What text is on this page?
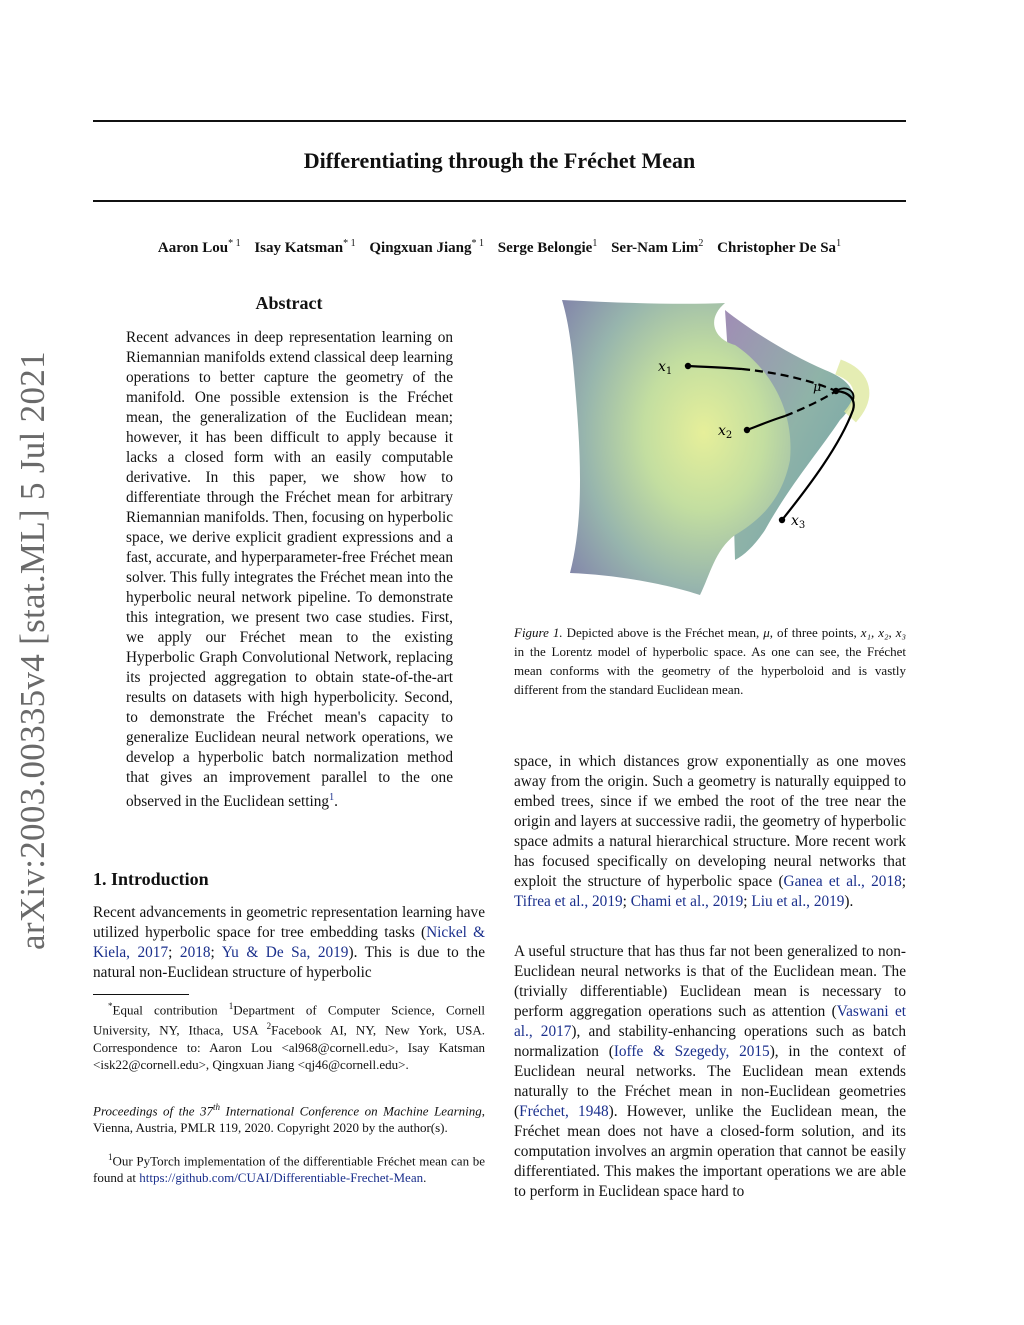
Differentiating through the Fréchet Mean
Aaron Lou$^{* 1}$ Isay Katsman$^{* 1}$ Qingxuan Jiang$^{* 1}$ Serge Belongie$^1$ Ser-Nam Lim$^2$ Christopher De Sa$^1$
arXiv:2003.00335v4 [stat.ML] 5 Jul 2021
Abstract
Recent advances in deep representation learning on Riemannian manifolds extend classical deep learning operations to better capture the geometry of the manifold. One possible extension is the Fréchet mean, the generalization of the Euclidean mean; however, it has been difficult to apply because it lacks a closed form with an easily computable derivative. In this paper, we show how to differentiate through the Fréchet mean for arbitrary Riemannian manifolds. Then, focusing on hyperbolic space, we derive explicit gradient expressions and a fast, accurate, and hyperparameter-free Fréchet mean solver. This fully integrates the Fréchet mean into the hyperbolic neural network pipeline. To demonstrate this integration, we present two case studies. First, we apply our Fréchet mean to the existing Hyperbolic Graph Convolutional Network, replacing its projected aggregation to obtain state-of-the-art results on datasets with high hyperbolicity. Second, to demonstrate the Fréchet mean's capacity to generalize Euclidean neural network operations, we develop a hyperbolic batch normalization method that gives an improvement parallel to the one observed in the Euclidean setting$^1$.
1. Introduction
Recent advancements in geometric representation learning have utilized hyperbolic space for tree embedding tasks (Nickel & Kiela, 2017; 2018; Yu & De Sa, 2019). This is due to the natural non-Euclidean structure of hyperbolic
*Equal contribution $^1$Department of Computer Science, Cornell University, NY, Ithaca, USA $^2$Facebook AI, NY, New York, USA. Correspondence to: Aaron Lou <al968@cornell.edu>, Isay Katsman <isk22@cornell.edu>, Qingxuan Jiang <qj46@cornell.edu>.
Proceedings of the 37th International Conference on Machine Learning, Vienna, Austria, PMLR 119, 2020. Copyright 2020 by the author(s).
$^1$Our PyTorch implementation of the differentiable Fréchet mean can be found at https://github.com/CUAI/Differentiable-Frechet-Mean.
$x_1$
$x_2$
$x_3$
μ
Figure 1. Depicted above is the Fréchet mean, μ, of three points, x₁, x₂, x₃ in the Lorentz model of hyperbolic space. As one can see, the Fréchet mean conforms with the geometry of the hyperboloid and is vastly different from the standard Euclidean mean.
space, in which distances grow exponentially as one moves away from the origin. Such a geometry is naturally equipped to embed trees, since if we embed the root of the tree near the origin and layers at successive radii, the geometry of hyperbolic space admits a natural hierarchical structure. More recent work has focused specifically on developing neural networks that exploit the structure of hyperbolic space (Ganea et al., 2018; Tifrea et al., 2019; Chami et al., 2019; Liu et al., 2019).
A useful structure that has thus far not been generalized to non-Euclidean neural networks is that of the Euclidean mean. The (trivially differentiable) Euclidean mean is necessary to perform aggregation operations such as attention (Vaswani et al., 2017), and stability-enhancing operations such as batch normalization (Ioffe & Szegedy, 2015), in the context of Euclidean neural networks. The Euclidean mean extends naturally to the Fréchet mean in non-Euclidean geometries (Fréchet, 1948). However, unlike the Euclidean mean, the Fréchet mean does not have a closed-form solution, and its computation involves an argmin operation that cannot be easily differentiated. This makes the important operations we are able to perform in Euclidean space hard to
